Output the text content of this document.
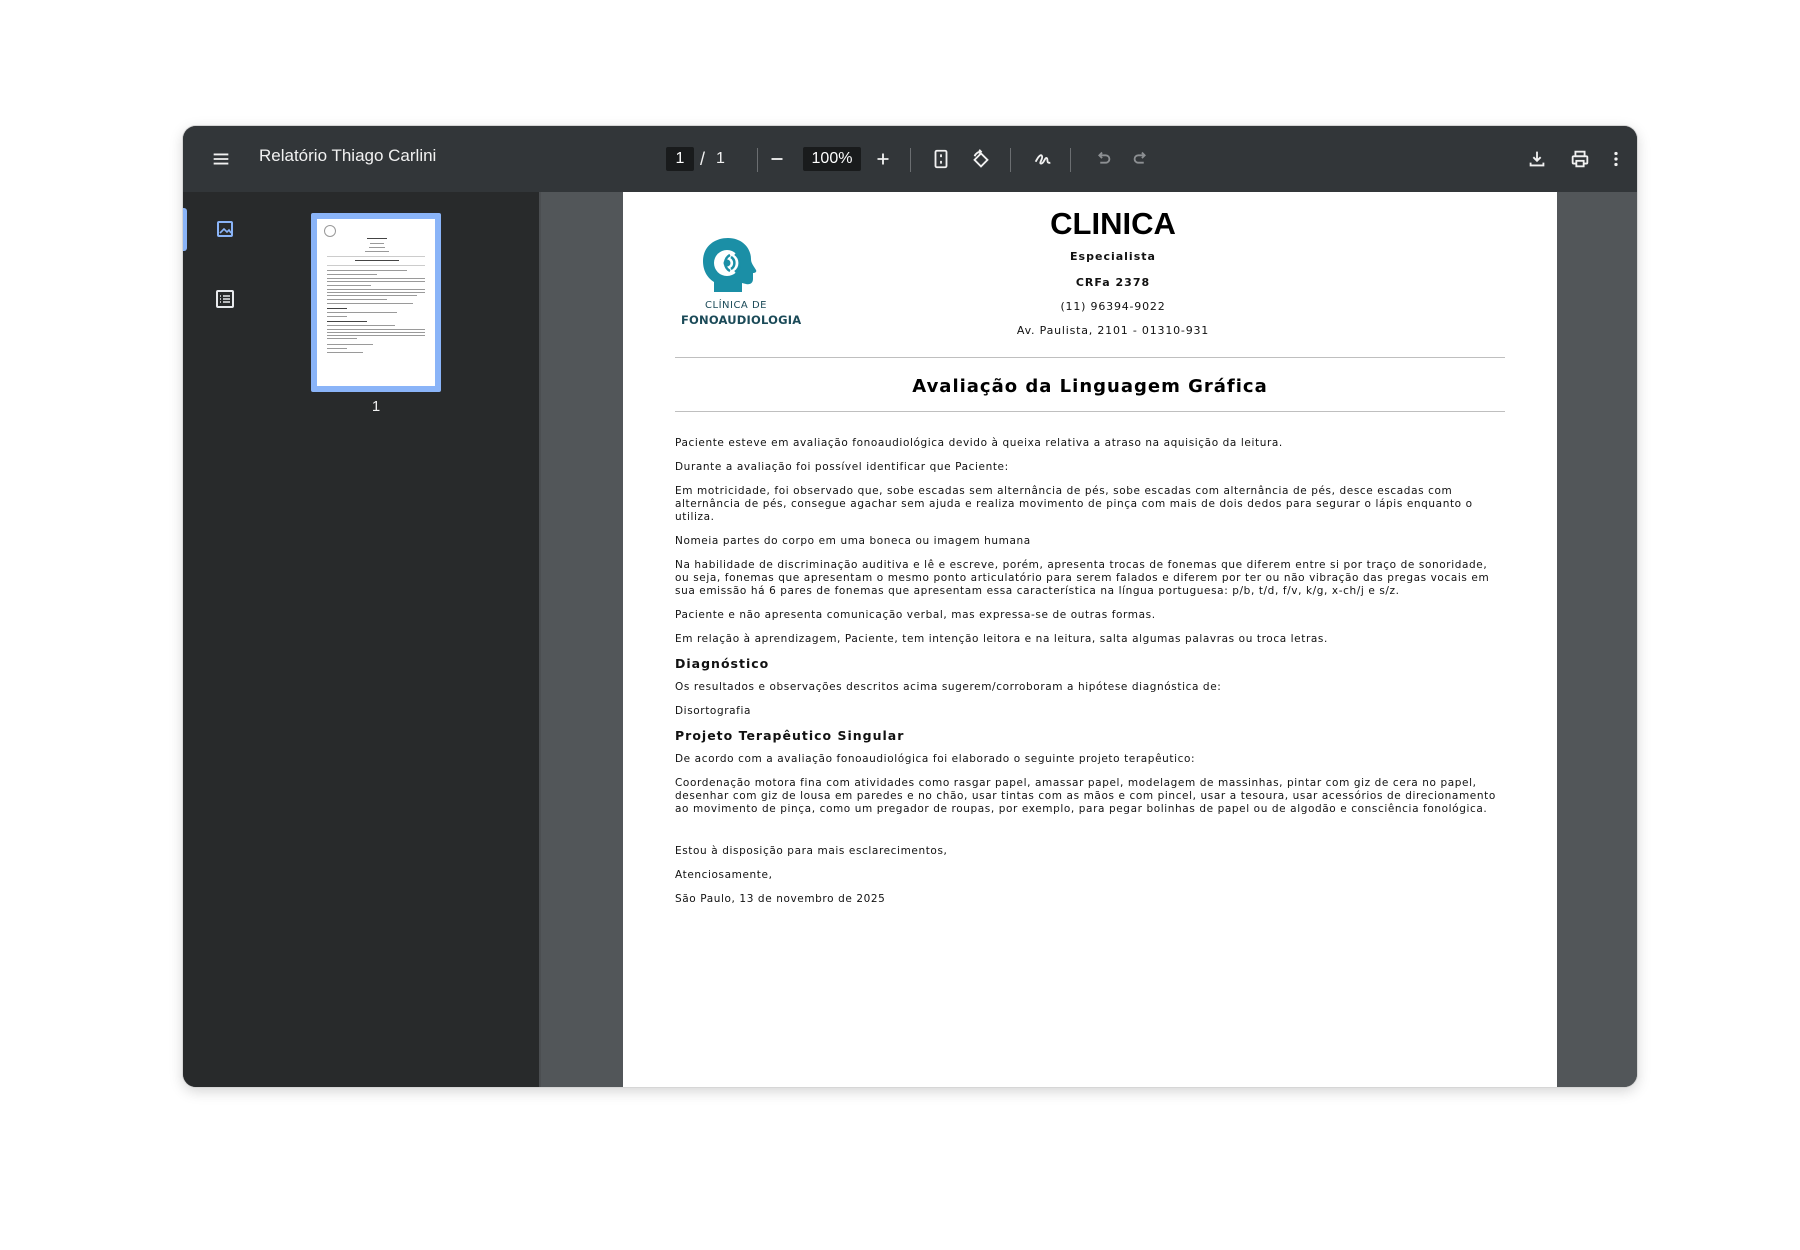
Relatório Thiago Carlini	1 / 1	100%
1
CLÍNICA DE
FONOAUDIOLOGIA
CLINICA
Especialista
CRFa 2378
(11) 96394-9022
Av. Paulista, 2101 - 01310-931
Avaliação da Linguagem Gráfica

Paciente esteve em avaliação fonoaudiológica devido à queixa relativa a atraso na aquisição da leitura.

Durante a avaliação foi possível identificar que Paciente:

Em motricidade, foi observado que, sobe escadas sem alternância de pés, sobe escadas com alternância de pés, desce escadas com alternância de pés, consegue agachar sem ajuda e realiza movimento de pinça com mais de dois dedos para segurar o lápis enquanto o utiliza.

Nomeia partes do corpo em uma boneca ou imagem humana

Na habilidade de discriminação auditiva e lê e escreve, porém, apresenta trocas de fonemas que diferem entre si por traço de sonoridade, ou seja, fonemas que apresentam o mesmo ponto articulatório para serem falados e diferem por ter ou não vibração das pregas vocais em sua emissão há 6 pares de fonemas que apresentam essa característica na língua portuguesa: p/b, t/d, f/v, k/g, x-ch/j e s/z.

Paciente e não apresenta comunicação verbal, mas expressa-se de outras formas.

Em relação à aprendizagem, Paciente, tem intenção leitora e na leitura, salta algumas palavras ou troca letras.

Diagnóstico

Os resultados e observações descritos acima sugerem/corroboram a hipótese diagnóstica de:

Disortografia

Projeto Terapêutico Singular

De acordo com a avaliação fonoaudiológica foi elaborado o seguinte projeto terapêutico:

Coordenação motora fina com atividades como rasgar papel, amassar papel, modelagem de massinhas, pintar com giz de cera no papel, desenhar com giz de lousa em paredes e no chão, usar tintas com as mãos e com pincel, usar a tesoura, usar acessórios de direcionamento ao movimento de pinça, como um pregador de roupas, por exemplo, para pegar bolinhas de papel ou de algodão e consciência fonológica.

Estou à disposição para mais esclarecimentos,

Atenciosamente,

São Paulo, 13 de novembro de 2025
